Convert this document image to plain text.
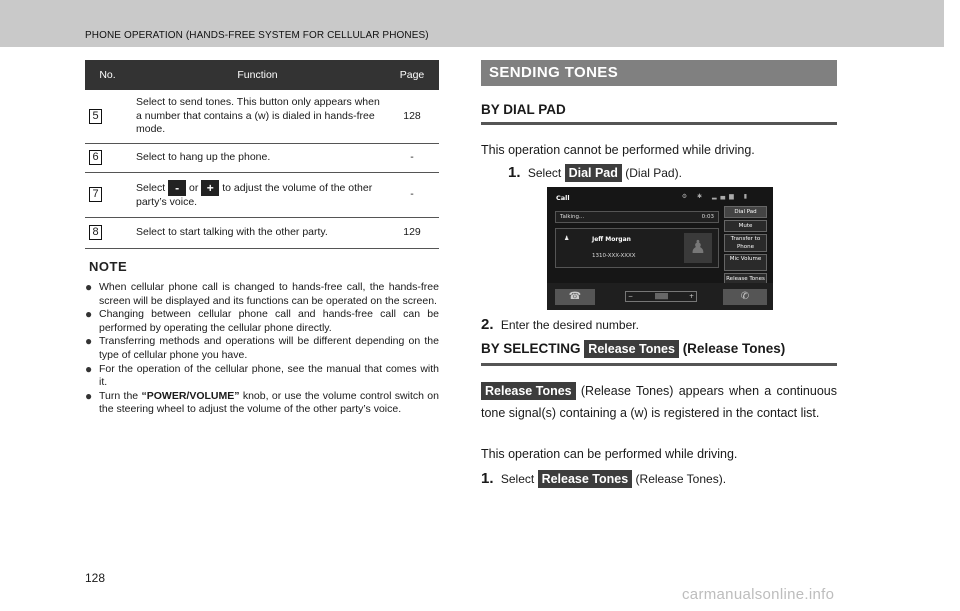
PHONE OPERATION (HANDS-FREE SYSTEM FOR CELLULAR PHONES)
No.	Function	Page
5	Select to send tones. This button only appears when a number that contains a (w) is dialed in hands-free mode.	128
6	Select to hang up the phone.	-
7	Select - or + to adjust the volume of the other party’s voice.	-
8	Select to start talking with the other party.	129
NOTE
● When cellular phone call is changed to hands-free call, the hands-free screen will be displayed and its functions can be operated on the screen.
● Changing between cellular phone call and hands-free call can be performed by operating the cellular phone directly.
● Transferring methods and operations will be different depending on the type of cellular phone you have.
● For the operation of the cellular phone, see the manual that comes with it.
● Turn the “POWER/VOLUME” knob, or use the volume control switch on the steering wheel to adjust the volume of the other party’s voice.
128
SENDING TONES
BY DIAL PAD
This operation cannot be performed while driving.
1. Select Dial Pad (Dial Pad).
Call	⚙ ✱ ▂▄▆ ▮
Talking...	0:03
♟	Jeff Morgan
1310-XXX-XXXX	♟
Dial Pad
Mute
Transfer to Phone
Mic Volume
Release Tones
☎	−	|||||||||||||	+	✆
2. Enter the desired number.
BY SELECTING Release Tones (Release Tones)
Release Tones (Release Tones) appears when a continuous tone signal(s) containing a (w) is registered in the contact list.
This operation can be performed while driving.
1. Select Release Tones (Release Tones).
carmanualsonline.info
